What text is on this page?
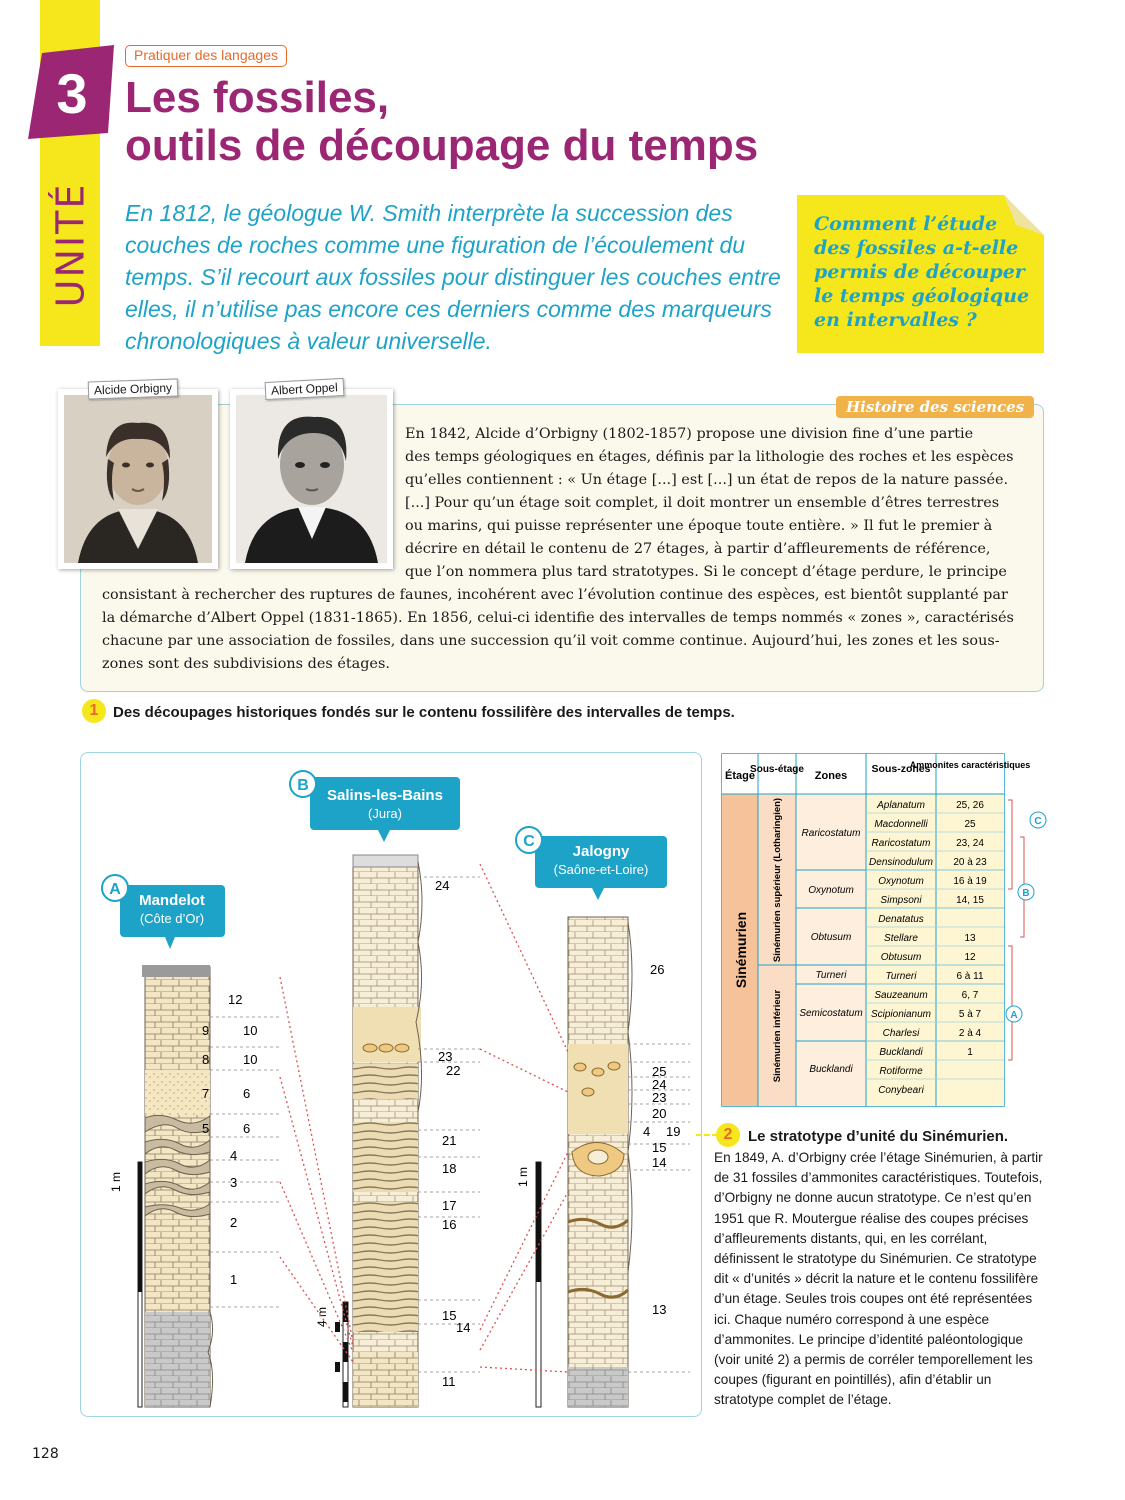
UNITÉ
3
Pratiquer des langages
Les fossiles,
outils de découpage du temps
En 1812, le géologue W. Smith interprète la succession des couches de roches comme une figuration de l’écoulement du temps. S’il recourt aux fossiles pour distinguer les couches entre elles, il n’utilise pas encore ces derniers comme des marqueurs chronologiques à valeur universelle.
Comment l’étude des fossiles a-t-elle permis de découper le temps géologique en intervalles ?
Histoire des sciences
Alcide Orbigny	Albert Oppel
En 1842, Alcide d’Orbigny (1802-1857) propose une division fine d’une partie
des temps géologiques en étages, définis par la lithologie des roches et les espèces
qu’elles contiennent : « Un étage [...] est [...] un état de repos de la nature passée.
[...] Pour qu’un étage soit complet, il doit montrer un ensemble d’êtres terrestres
ou marins, qui puisse représenter une époque toute entière. » Il fut le premier à
décrire en détail le contenu de 27 étages, à partir d’affleurements de référence,
que l’on nommera plus tard stratotypes. Si le concept d’étage perdure, le principe
consistant à rechercher des ruptures de faunes, incohérent avec l’évolution continue des espèces, est bientôt supplanté par
la démarche d’Albert Oppel (1831-1865). En 1856, celui-ci identifie des intervalles de temps nommés « zones », caractérisés
chacune par une association de fossiles, dans une succession qu’il voit comme continue. Aujourd’hui, les zones et les sous-
zones sont des subdivisions des étages.
1 Des découpages historiques fondés sur le contenu fossilifère des intervalles de temps.
1 m
12
9	10
8	10
7	6
5	6
4
3
2
1
A
Mandelot
(Côte d’Or)
4 m
24
23
22
21
18
17
16
15
14
11
B
Salins-les-Bains
(Jura)
1 m
26
25
24
23
20
4 19
15
14
13
C
Jalogny
(Saône-et-Loire)
Étage
Sous-étage
Zones
Sous-zones
Ammonites caractéristiques
Sinémurien Sinémurien supérieur (Lotharingien)
Sinémurien inférieur
Raricostatum
Oxynotum
Obtusum
Turneri
Semicostatum
Bucklandi
Aplanatum	25, 26
Macdonnelli	25
Raricostatum	23, 24
Densinodulum 20 à 23
Oxynotum	16 à 19
Simpsoni	14, 15
Denatatus
Stellare	13
Obtusum	12
Turneri	6 à 11
Sauzeanum	6, 7
Scipionianum	5 à 7
Charlesi	2 à 4
Bucklandi	1
Rotiforme
Conybeari
C
B
A
2	Le stratotype d’unité du Sinémurien.
En 1849, A. d’Orbigny crée l’étage Sinémurien, à partir de 31 fossiles d’ammonites caractéristiques. Toutefois, d’Orbigny ne donne aucun stratotype. Ce n’est qu’en 1951 que R. Moutergue réalise des coupes précises d’affleurements distants, qui, en les corrélant, définissent le stratotype du Sinémurien. Ce stratotype dit « d’unités » décrit la nature et le contenu fossilifère d’un étage. Seules trois coupes ont été représentées ici. Chaque numéro correspond à une espèce d’ammonites. Le principe d’identité paléontologique (voir unité 2) a permis de corréler temporellement les coupes (figurant en pointillés), afin d’établir un stratotype complet de l’étage.
128
